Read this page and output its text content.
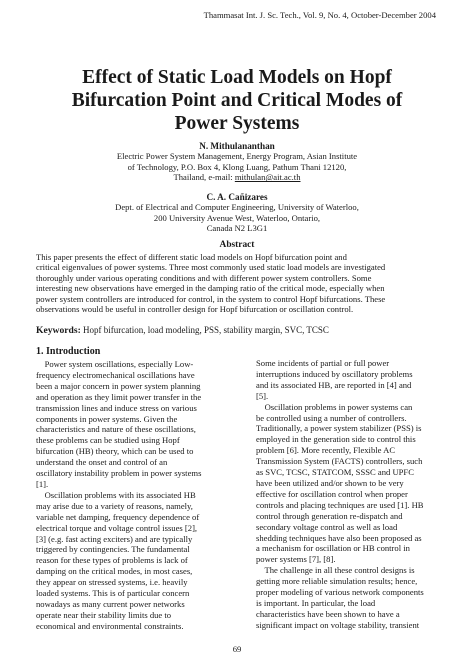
Thammasat Int. J. Sc. Tech., Vol. 9, No. 4, October-December 2004
Effect of Static Load Models on Hopf
Bifurcation Point and Critical Modes of
Power Systems
N. Mithulananthan
Electric Power System Management, Energy Program, Asian Institute
of Technology, P.O. Box 4, Klong Luang, Pathum Thani 12120,
Thailand, e-mail: mithulan@ait.ac.th
C. A. Cañizares
Dept. of Electrical and Computer Engineering, University of Waterloo,
200 University Avenue West, Waterloo, Ontario,
Canada N2 L3G1
Abstract
This paper presents the effect of different static load models on Hopf bifurcation point and
critical eigenvalues of power systems. Three most commonly used static load models are investigated
thoroughly under various operating conditions and with different power system controllers. Some
interesting new observations have emerged in the damping ratio of the critical mode, especially when
power system controllers are introduced for control, in the system to control Hopf bifurcations. These
observations would be useful in controller design for Hopf bifurcation or oscillation control.
Keywords: Hopf bifurcation, load modeling, PSS, stability margin, SVC, TCSC
1. Introduction
Power system oscillations, especially Low-
frequency electromechanical oscillations have
been a major concern in power system planning
and operation as they limit power transfer in the
transmission lines and induce stress on various
components in power systems. Given the
characteristics and nature of these oscillations,
these problems can be studied using Hopf
bifurcation (HB) theory, which can be used to
understand the onset and control of an
oscillatory instability problem in power systems
[1].
Oscillation problems with its associated HB
may arise due to a variety of reasons, namely,
variable net damping, frequency dependence of
electrical torque and voltage control issues [2],
[3] (e.g. fast acting exciters) and are typically
triggered by contingencies. The fundamental
reason for these types of problems is lack of
damping on the critical modes, in most cases,
they appear on stressed systems, i.e. heavily
loaded systems. This is of particular concern
nowadays as many current power networks
operate near their stability limits due to
economical and environmental constraints.
Some incidents of partial or full power
interruptions induced by oscillatory problems
and its associated HB, are reported in [4] and
[5].
Oscillation problems in power systems can
be controlled using a number of controllers.
Traditionally, a power system stabilizer (PSS) is
employed in the generation side to control this
problem [6]. More recently, Flexible AC
Transmission System (FACTS) controllers, such
as SVC, TCSC, STATCOM, SSSC and UPFC
have been utilized and/or shown to be very
effective for oscillation control when proper
controls and placing techniques are used [1]. HB
control through generation re-dispatch and
secondary voltage control as well as load
shedding techniques have also been proposed as
a mechanism for oscillation or HB control in
power systems [7], [8].
The challenge in all these control designs is
getting more reliable simulation results; hence,
proper modeling of various network components
is important. In particular, the load
characteristics have been shown to have a
significant impact on voltage stability, transient
69
